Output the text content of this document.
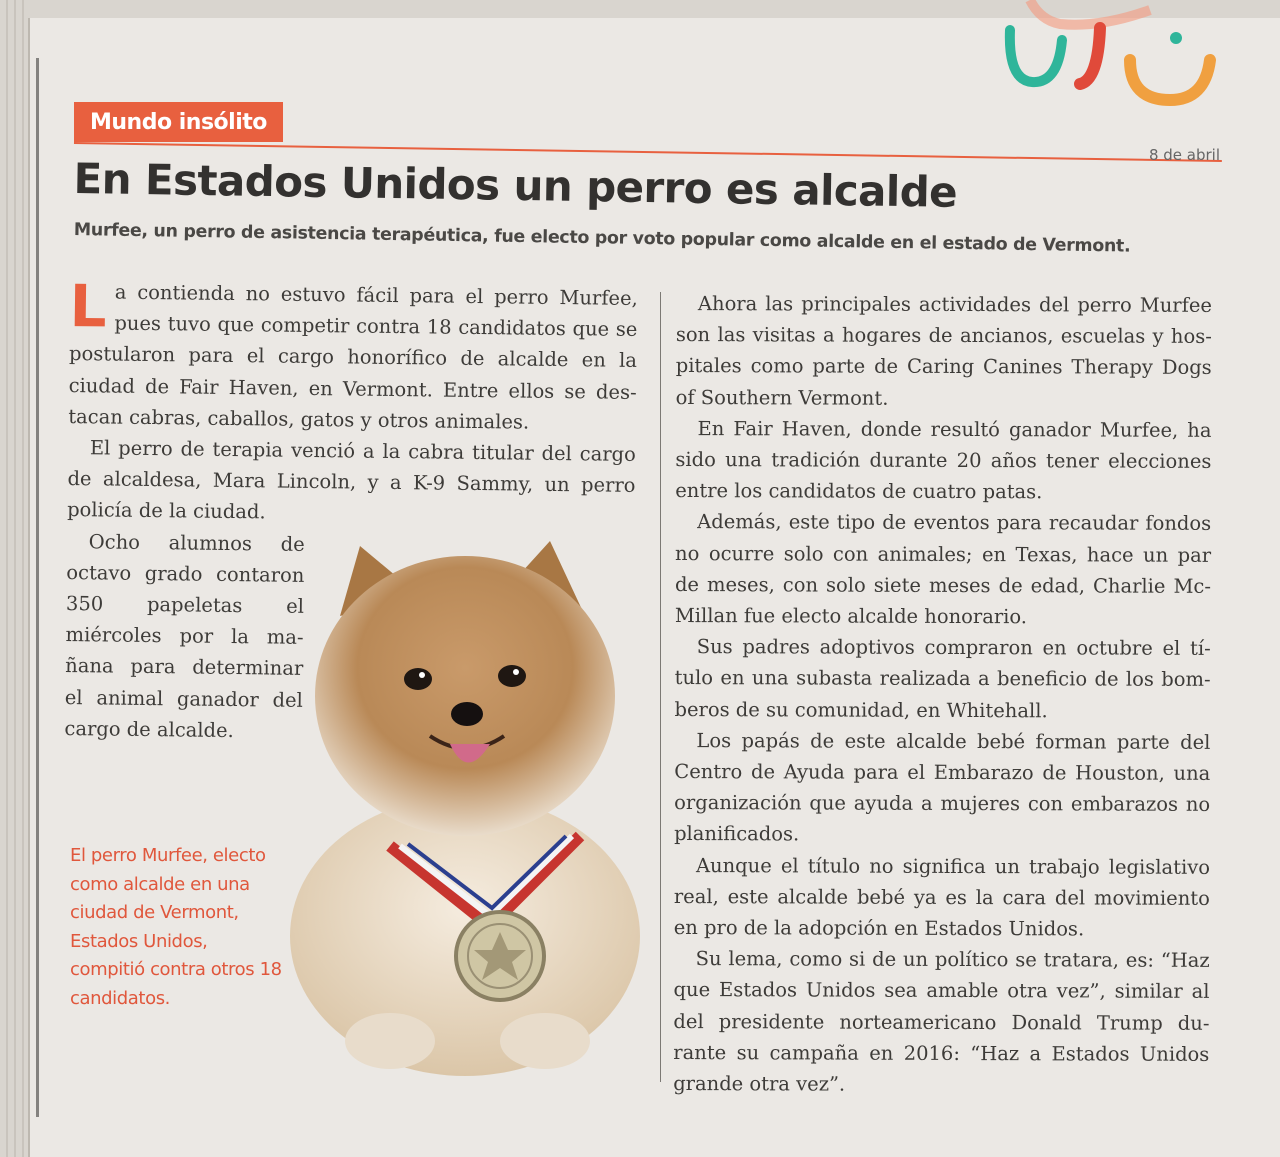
Mundo insólito
8 de abril
En Estados Unidos un perro es alcalde

Murfee, un perro de asistencia terapéutica, fue electo por voto popular como alcalde en el estado de Vermont.

La contienda no estuvo fácil para el perro Murfee, pues tuvo que competir contra 18 candidatos que se postularon para el cargo honorífico de alcalde en la ciudad de Fair Haven, en Vermont. Entre ellos se destacan cabras, caballos, gatos y otros animales.

El perro de terapia venció a la cabra titular del cargo de alcaldesa, Mara Lincoln, y a K-9 Sammy, un perro policía de la ciudad.

Ocho alumnos de octavo grado contaron 350 papeletas el miércoles por la mañana para determinar el animal ganador del cargo de alcalde.

El perro Murfee, electo como alcalde en una ciudad de Vermont, Estados Unidos, compitió contra otros 18 candidatos.

Ahora las principales actividades del perro Murfee son las visitas a hogares de ancianos, escuelas y hospitales como parte de Caring Canines Therapy Dogs of Southern Vermont.

En Fair Haven, donde resultó ganador Murfee, ha sido una tradición durante 20 años tener elecciones entre los candidatos de cuatro patas.

Además, este tipo de eventos para recaudar fondos no ocurre solo con animales; en Texas, hace un par de meses, con solo siete meses de edad, Charlie McMillan fue electo alcalde honorario.

Sus padres adoptivos compraron en octubre el título en una subasta realizada a beneficio de los bomberos de su comunidad, en Whitehall.

Los papás de este alcalde bebé forman parte del Centro de Ayuda para el Embarazo de Houston, una organización que ayuda a mujeres con embarazos no planificados.

Aunque el título no significa un trabajo legislativo real, este alcalde bebé ya es la cara del movimiento en pro de la adopción en Estados Unidos.

Su lema, como si de un político se tratara, es: “Haz que Estados Unidos sea amable otra vez”, similar al del presidente norteamericano Donald Trump durante su campaña en 2016: “Haz a Estados Unidos grande otra vez”.
